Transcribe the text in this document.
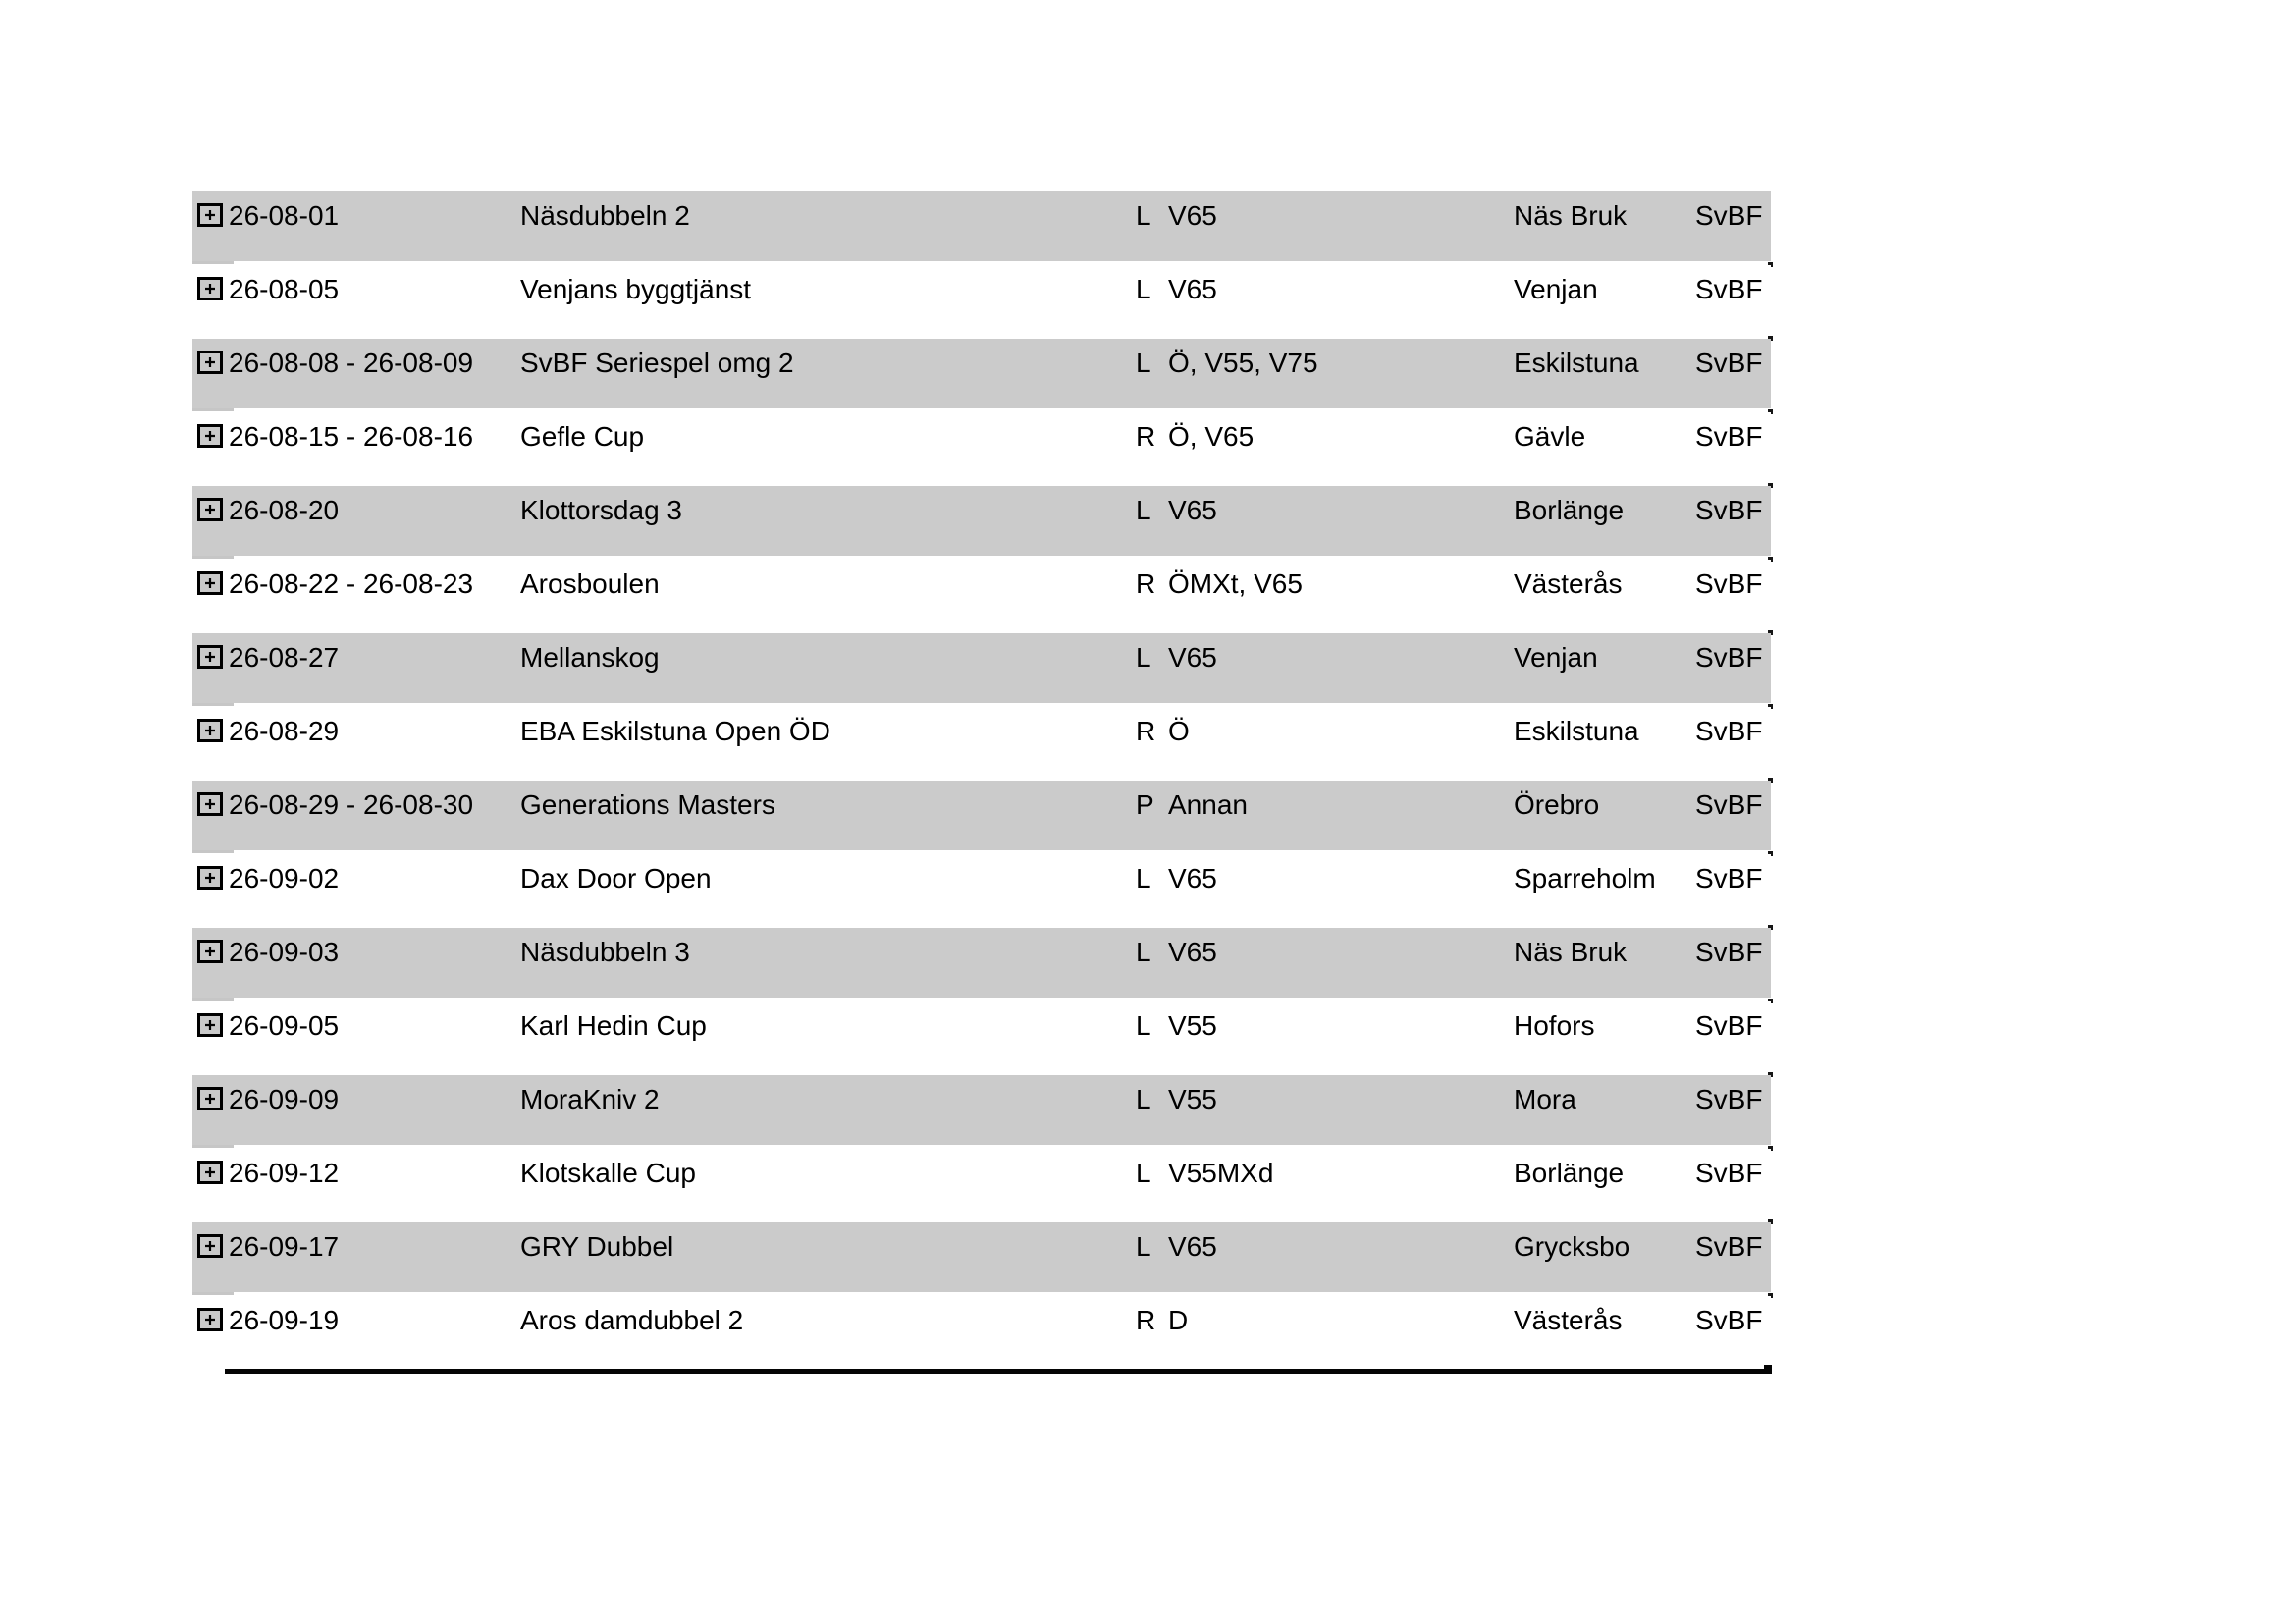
26-08-01	Näsdubbeln 2	L V65	Näs Bruk	SvBF
26-08-05	Venjans byggtjänst	L V65	Venjan	SvBF
26-08-08 - 26-08-09	SvBF Seriespel omg 2	L Ö, V55, V75	Eskilstuna	SvBF
26-08-15 - 26-08-16	Gefle Cup	R Ö, V65	Gävle	SvBF
26-08-20	Klottorsdag 3	L V65	Borlänge	SvBF
26-08-22 - 26-08-23	Arosboulen	R ÖMXt, V65	Västerås	SvBF
26-08-27	Mellanskog	L V65	Venjan	SvBF
26-08-29	EBA Eskilstuna Open ÖD	R Ö	Eskilstuna	SvBF
26-08-29 - 26-08-30	Generations Masters	P Annan	Örebro	SvBF
26-09-02	Dax Door Open	L V65	Sparreholm	SvBF
26-09-03	Näsdubbeln 3	L V65	Näs Bruk	SvBF
26-09-05	Karl Hedin Cup	L V55	Hofors	SvBF
26-09-09	MoraKniv 2	L V55	Mora	SvBF
26-09-12	Klotskalle Cup	L V55MXd	Borlänge	SvBF
26-09-17	GRY Dubbel	L V65	Grycksbo	SvBF
26-09-19	Aros damdubbel 2	R D	Västerås	SvBF
